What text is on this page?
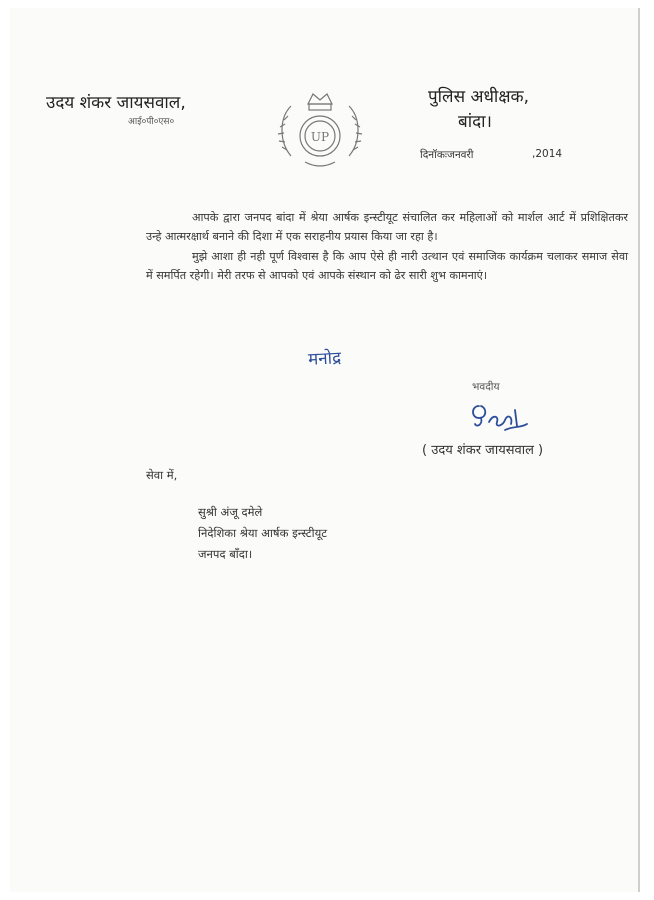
उदय शंकर जायसवाल,
आई०पी०एस०
UP
पुलिस अधीक्षक,
बांदा।
दिनॉकःजनवरी	,2014

आपके द्वारा जनपद बांदा में श्रेया आर्षक इन्स्टीयूट संचालित कर महिलाओं को मार्शल आर्ट में प्रशिक्षितकर उन्हे आत्मरक्षार्थ बनाने की दिशा में एक सराहनीय प्रयास किया जा रहा है।

मुझे आशा ही नही पूर्ण विश्वास है कि आप ऐसे ही नारी उत्थान एवं समाजिक कार्यक्रम चलाकर समाज सेवा में समर्पित रहेगी। मेरी तरफ से आपको एवं आपके संस्थान को ढेर सारी शुभ कामनाएं।

मनोद्र
भवदीय
( उदय शंकर जायसवाल )
सेवा में,
सुश्री अंजू दमेले
निदेशिका श्रेया आर्षक इन्स्टीयूट
जनपद बाँदा।
